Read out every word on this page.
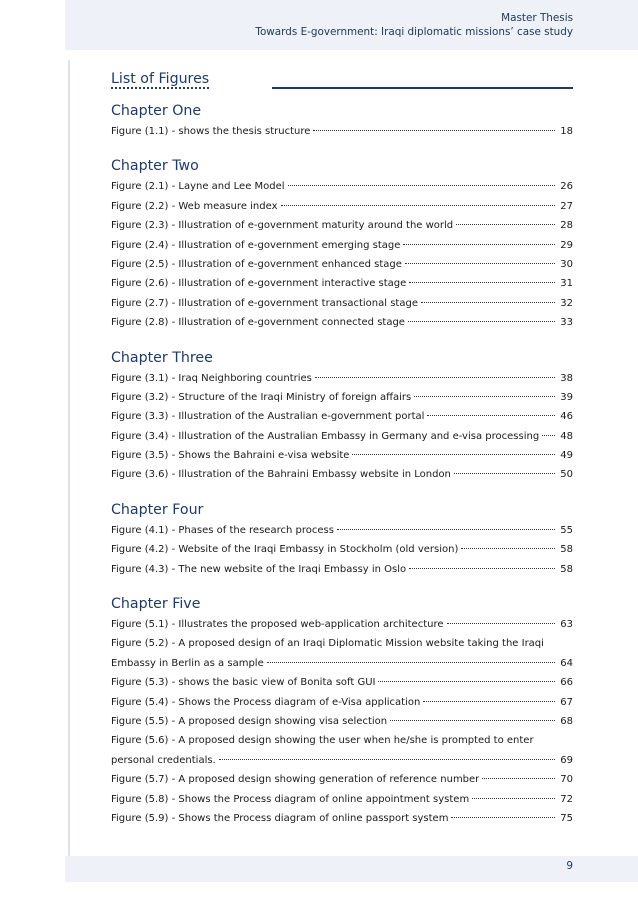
Master Thesis
Towards E-government: Iraqi diplomatic missions’ case study
List of Figures
Chapter One
Figure (1.1) - shows the thesis structure	18
Chapter Two
Figure (2.1) - Layne and Lee Model	26
Figure (2.2) - Web measure index	27
Figure (2.3) - Illustration of e-government maturity around the world	28
Figure (2.4) - Illustration of e-government emerging stage	29
Figure (2.5) - Illustration of e-government enhanced stage	30
Figure (2.6) - Illustration of e-government interactive stage	31
Figure (2.7) - Illustration of e-government transactional stage	32
Figure (2.8) - Illustration of e-government connected stage	33
Chapter Three
Figure (3.1) - Iraq Neighboring countries	38
Figure (3.2) - Structure of the Iraqi Ministry of foreign affairs	39
Figure (3.3) - Illustration of the Australian e-government portal	46
Figure (3.4) - Illustration of the Australian Embassy in Germany and e-visa processing 48
Figure (3.5) - Shows the Bahraini e-visa website	49
Figure (3.6) - Illustration of the Bahraini Embassy website in London	50
Chapter Four
Figure (4.1) - Phases of the research process	55
Figure (4.2) - Website of the Iraqi Embassy in Stockholm (old version)	58
Figure (4.3) - The new website of the Iraqi Embassy in Oslo	58
Chapter Five
Figure (5.1) - Illustrates the proposed web-application architecture	63
Figure (5.2) - A proposed design of an Iraqi Diplomatic Mission website taking the Iraqi
Embassy in Berlin as a sample	64
Figure (5.3) - shows the basic view of Bonita soft GUI	66
Figure (5.4) - Shows the Process diagram of e-Visa application	67
Figure (5.5) - A proposed design showing visa selection	68
Figure (5.6) - A proposed design showing the user when he/she is prompted to enter
personal credentials.	69
Figure (5.7) - A proposed design showing generation of reference number	70
Figure (5.8) - Shows the Process diagram of online appointment system	72
Figure (5.9) - Shows the Process diagram of online passport system	75
9
